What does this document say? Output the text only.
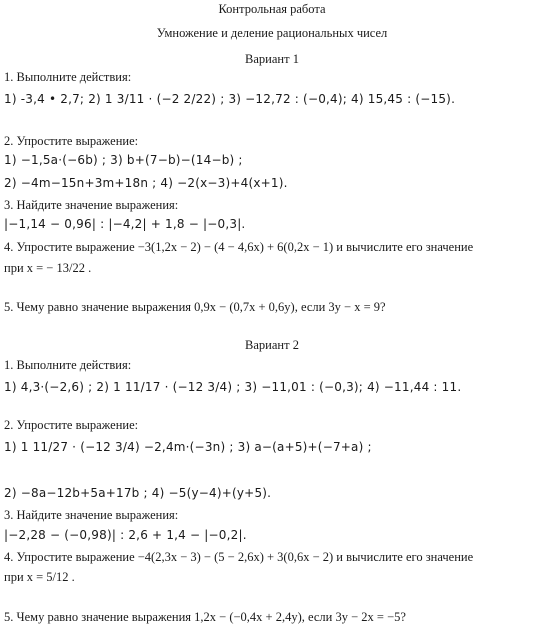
Контрольная работа
Умножение и деление рациональных чисел
Вариант 1
1. Выполните действия:
1) -3,4 • 2,7; 2) 1 3/11 · (−2 2/22) ; 3) −12,72 : (−0,4); 4) 15,45 : (−15).
2. Упростите выражение:
1) −1,5a·(−6b) ; 3) b+(7−b)−(14−b) ;
2) −4m−15n+3m+18n ; 4) −2(x−3)+4(x+1).
3. Найдите значение выражения:
|−1,14 − 0,96| : |−4,2| + 1,8 − |−0,3|.
4. Упростите выражение −3(1,2x − 2) − (4 − 4,6x) + 6(0,2x − 1) и вычислите его значение
при x = − 13/22 .
5. Чему равно значение выражения 0,9x − (0,7x + 0,6y), если 3y − x = 9?
Вариант 2
1. Выполните действия:
1) 4,3·(−2,6) ; 2) 1 11/17 · (−12 3/4) ; 3) −11,01 : (−0,3); 4) −11,44 : 11.
2. Упростите выражение:
1) 1 11/27 · (−12 3/4) −2,4m·(−3n) ; 3) a−(a+5)+(−7+a) ;
2) −8a−12b+5a+17b ; 4) −5(y−4)+(y+5).
3. Найдите значение выражения:
|−2,28 − (−0,98)| : 2,6 + 1,4 − |−0,2|.
4. Упростите выражение −4(2,3x − 3) − (5 − 2,6x) + 3(0,6x − 2) и вычислите его значение
при x = 5/12 .
5. Чему равно значение выражения 1,2x − (−0,4x + 2,4y), если 3y − 2x = −5?
